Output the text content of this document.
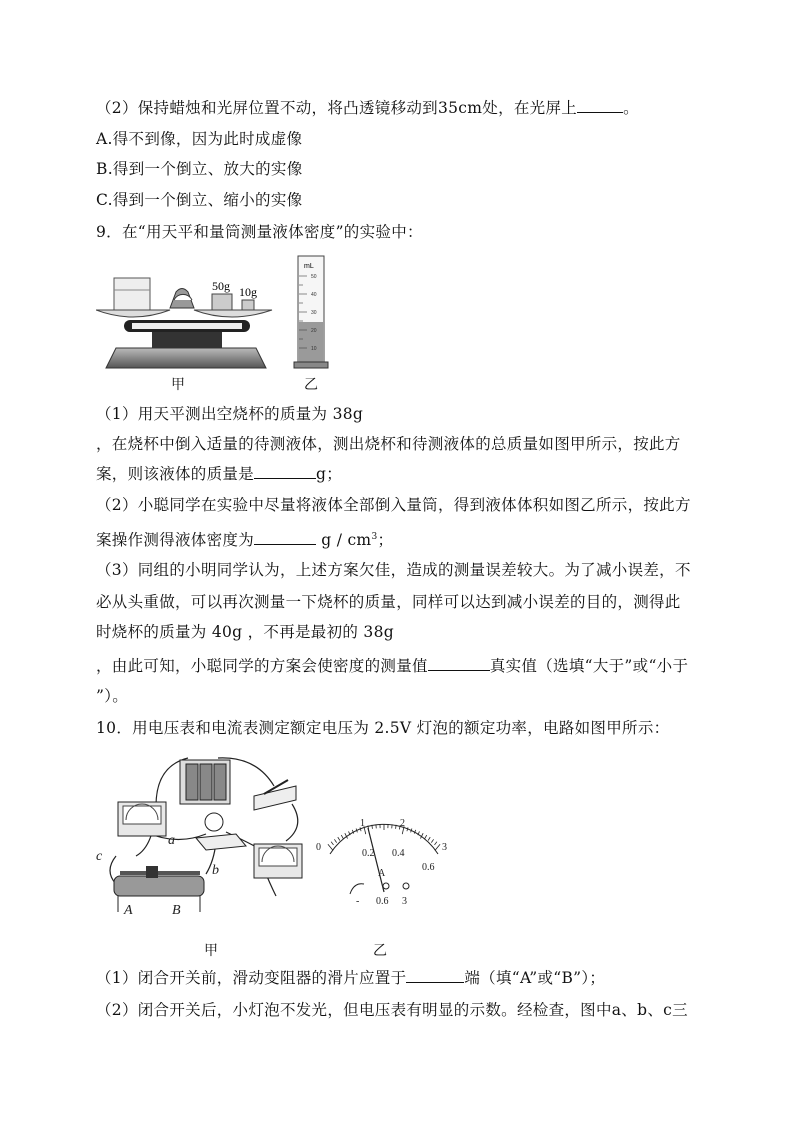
（2）保持蜡烛和光屏位置不动，将凸透镜移动到35cm处，在光屏上	。
A.得不到像，因为此时成虚像
B.得到一个倒立、放大的实像
C.得到一个倒立、缩小的实像
9．在“用天平和量筒测量液体密度”的实验中：
50g 10g
甲
mL
50
40
30
20
10
乙
（1）用天平测出空烧杯的质量为 38g
，在烧杯中倒入适量的待测液体，测出烧杯和待测液体的总质量如图甲所示，按此方
案，则该液体的质量是	g；
（2）小聪同学在实验中尽量将液体全部倒入量筒，得到液体体积如图乙所示，按此方
案操作测得液体密度为	g / $cm^3$；
（3）同组的小明同学认为，上述方案欠佳，造成的测量误差较大。为了减小误差，不
必从头重做，可以再次测量一下烧杯的质量，同样可以达到减小误差的目的，测得此
时烧杯的质量为 40g ，不再是最初的 38g
，由此可知，小聪同学的方案会使密度的测量值	真实值（选填“大于”或“小于
”）。
10．用电压表和电流表测定额定电压为 2.5V 灯泡的额定功率，电路如图甲所示：
a
b
c
A	B
甲
0
1	2
3
0.2 0.4
0.6
A
- 0.6 3
乙
（1）闭合开关前，滑动变阻器的滑片应置于	端（填“A”或“B”）；
（2）闭合开关后，小灯泡不发光，但电压表有明显的示数。经检查，图中a、b、c三
